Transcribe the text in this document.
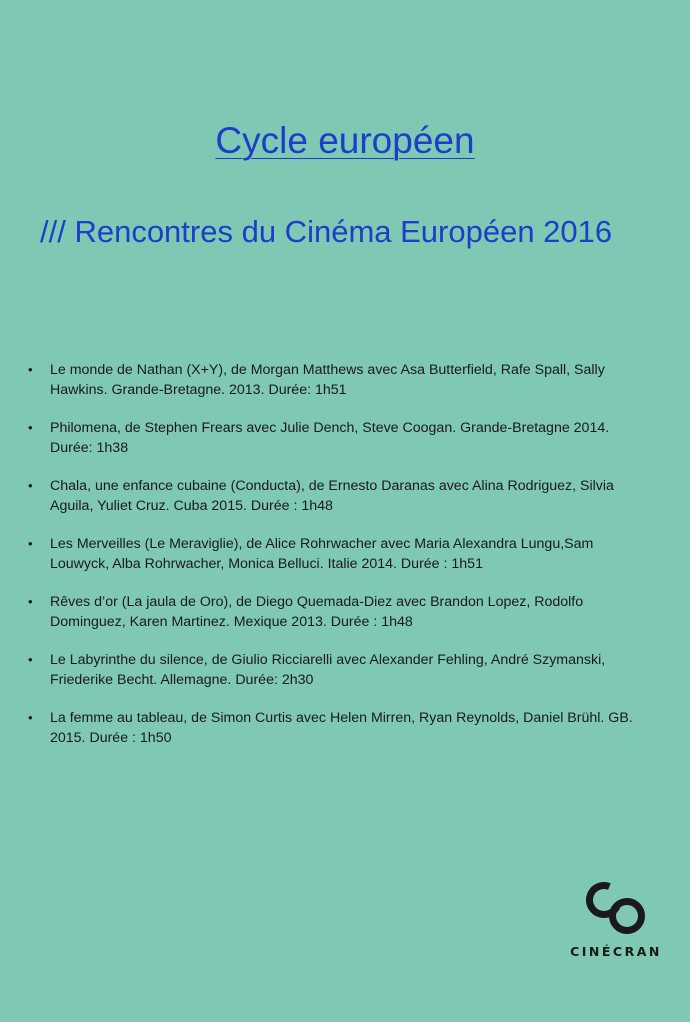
Cycle européen
/// Rencontres du Cinéma Européen 2016
• Le monde de Nathan (X+Y), de Morgan Matthews avec Asa Butterfield, Rafe Spall, Sally Hawkins. Grande-Bretagne. 2013. Durée: 1h51
• Philomena, de Stephen Frears avec Julie Dench, Steve Coogan. Grande-Bretagne 2014. Durée: 1h38
• Chala, une enfance cubaine (Conducta), de Ernesto Daranas avec Alina Rodriguez, Silvia Aguila, Yuliet Cruz. Cuba 2015. Durée : 1h48
• Les Merveilles (Le Meraviglie), de Alice Rohrwacher avec Maria Alexandra Lungu,Sam Louwyck, Alba Rohrwacher, Monica Belluci. Italie 2014. Durée : 1h51
• Rêves d’or (La jaula de Oro), de Diego Quemada-Diez avec Brandon Lopez, Rodolfo Dominguez, Karen Martinez. Mexique 2013. Durée : 1h48
• Le Labyrinthe du silence, de Giulio Ricciarelli avec Alexander Fehling, André Szymanski, Friederike Becht. Allemagne. Durée: 2h30
• La femme au tableau, de Simon Curtis avec Helen Mirren, Ryan Reynolds, Daniel Brühl. GB. 2015. Durée : 1h50
CINÉCRAN
